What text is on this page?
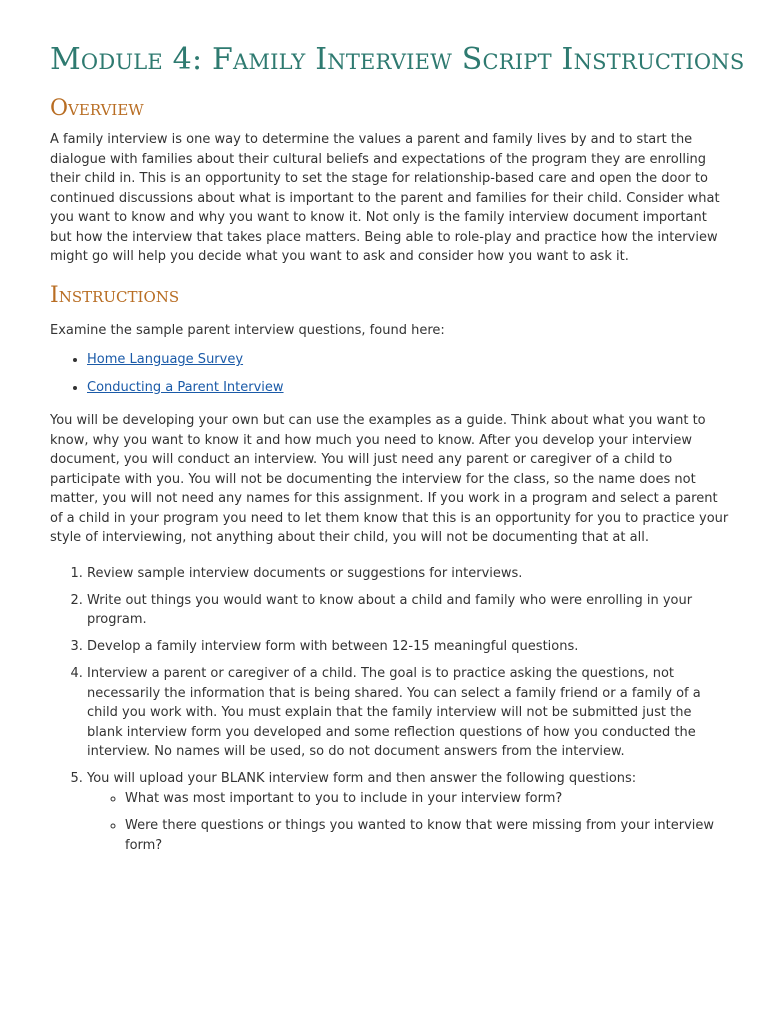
Module 4: Family Interview Script Instructions
Overview

A family interview is one way to determine the values a parent and family lives by and to start the dialogue with families about their cultural beliefs and expectations of the program they are enrolling their child in. This is an opportunity to set the stage for relationship-based care and open the door to continued discussions about what is important to the parent and families for their child. Consider what you want to know and why you want to know it. Not only is the family interview document important but how the interview that takes place matters. Being able to role-play and practice how the interview might go will help you decide what you want to ask and consider how you want to ask it.

Instructions

Examine the sample parent interview questions, found here:

• Home Language Survey
• Conducting a Parent Interview

You will be developing your own but can use the examples as a guide. Think about what you want to know, why you want to know it and how much you need to know. After you develop your interview document, you will conduct an interview. You will just need any parent or caregiver of a child to participate with you. You will not be documenting the interview for the class, so the name does not matter, you will not need any names for this assignment. If you work in a program and select a parent of a child in your program you need to let them know that this is an opportunity for you to practice your style of interviewing, not anything about their child, you will not be documenting that at all.

1. Review sample interview documents or suggestions for interviews.
2. Write out things you would want to know about a child and family who were enrolling in your program.
3. Develop a family interview form with between 12-15 meaningful questions.
4. Interview a parent or caregiver of a child. The goal is to practice asking the questions, not necessarily the information that is being shared. You can select a family friend or a family of a child you work with. You must explain that the family interview will not be submitted just the blank interview form you developed and some reflection questions of how you conducted the interview. No names will be used, so do not document answers from the interview.
5. You will upload your BLANK interview form and then answer the following questions:
◦ What was most important to you to include in your interview form?
◦ Were there questions or things you wanted to know that were missing from your interview form?
